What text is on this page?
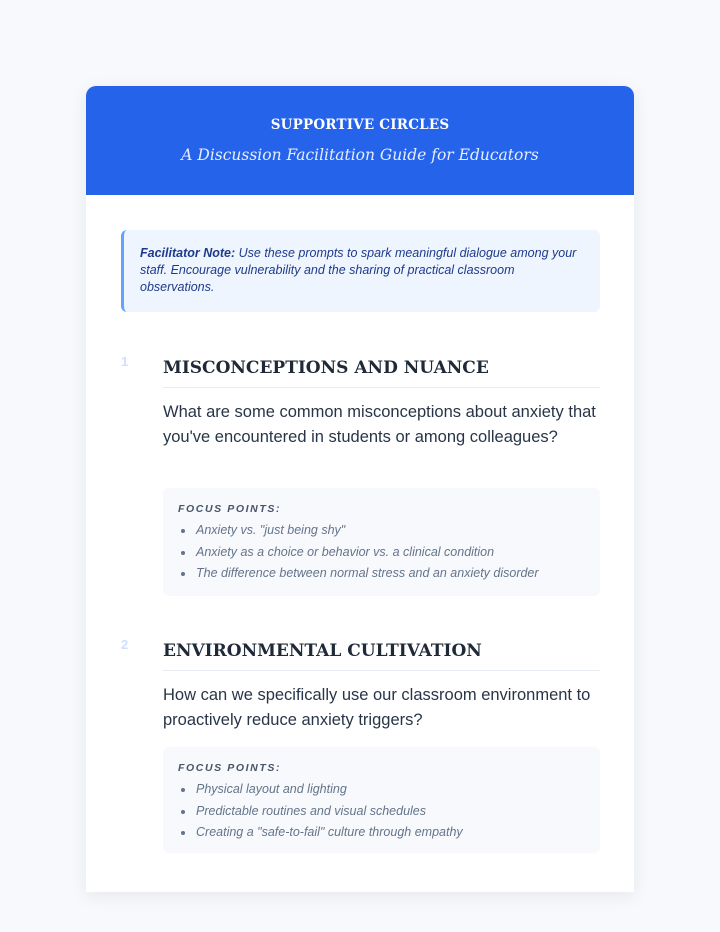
SUPPORTIVE CIRCLES
A Discussion Facilitation Guide for Educators
Facilitator Note: Use these prompts to spark meaningful dialogue among your staff. Encourage vulnerability and the sharing of practical classroom observations.
1 MISCONCEPTIONS AND NUANCE
What are some common misconceptions about anxiety that you've encountered in students or among colleagues?
FOCUS POINTS:
Anxiety vs. "just being shy"
Anxiety as a choice or behavior vs. a clinical condition
The difference between normal stress and an anxiety disorder
2 ENVIRONMENTAL CULTIVATION
How can we specifically use our classroom environment to proactively reduce anxiety triggers?
FOCUS POINTS:
Physical layout and lighting
Predictable routines and visual schedules
Creating a "safe-to-fail" culture through empathy
